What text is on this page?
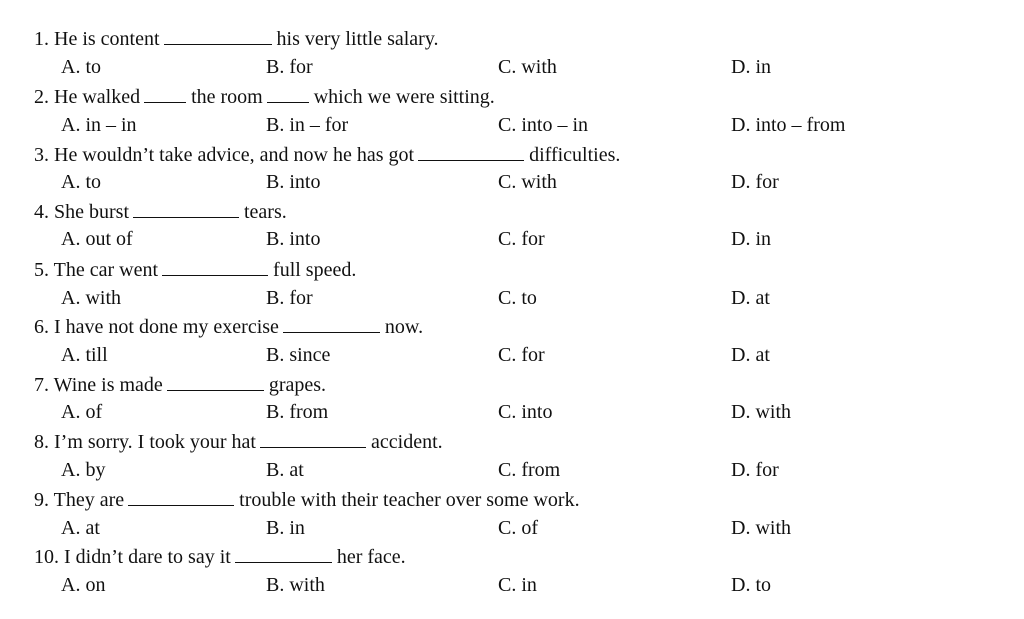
1. He is content	his very little salary.
A. to	B. for	C. with	D. in
2. He walked	the room	which we were sitting.
A. in – in	B. in – for	C. into – in	D. into – from
3. He wouldn’t take advice, and now he has got	difficulties.
A. to	B. into	C. with	D. for
4. She burst	tears.
A. out of	B. into	C. for	D. in
5. The car went	full speed.
A. with	B. for	C. to	D. at
6. I have not done my exercise	now.
A. till	B. since	C. for	D. at
7. Wine is made	grapes.
A. of	B. from	C. into	D. with
8. I’m sorry. I took your hat	accident.
A. by	B. at	C. from	D. for
9. They are	trouble with their teacher over some work.
A. at	B. in	C. of	D. with
10. I didn’t dare to say it	her face.
A. on	B. with	C. in	D. to
